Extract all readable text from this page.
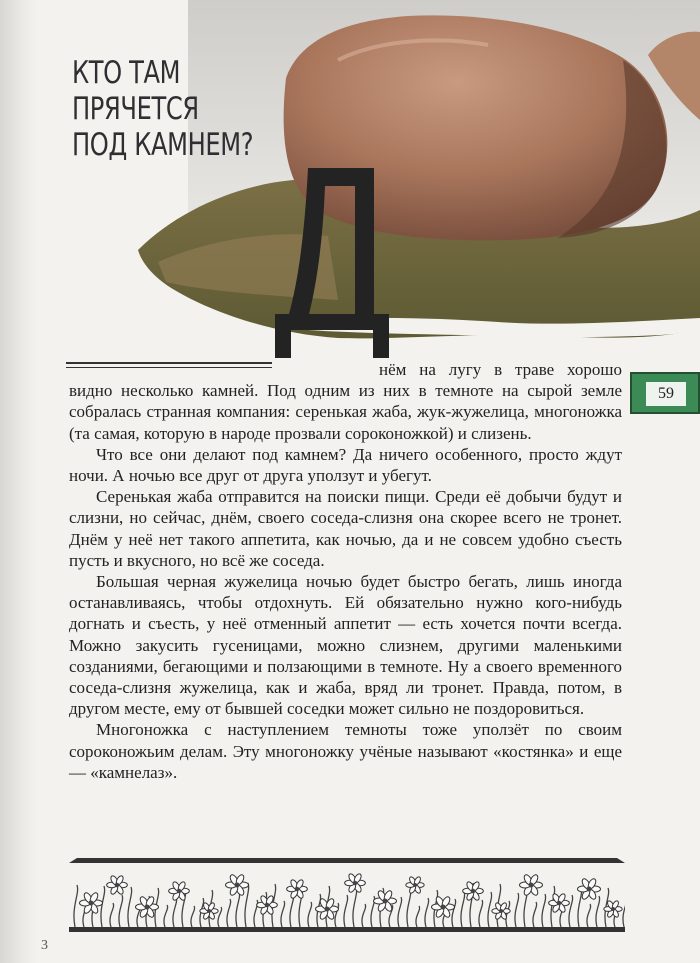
КТО ТАМ
ПРЯЧЕТСЯ
ПОД КАМНЕМ?
59

нём на лугу в траве хорошо видно несколько камней. Под одним из них в темноте на сырой земле собралась странная компания: серенькая жаба, жук-жужелица, многоножка (та самая, которую в народе прозвали сороконожкой) и слизень.

Что все они делают под камнем? Да ничего особенного, просто ждут ночи. А ночью все друг от друга уползут и убегут.

Серенькая жаба отправится на поиски пищи. Среди её добычи будут и слизни, но сейчас, днём, своего соседа-слизня она скорее всего не тронет. Днём у неё нет такого аппетита, как ночью, да и не совсем удобно съесть пусть и вкусного, но всё же соседа.

Большая черная жужелица ночью будет быстро бегать, лишь иногда останавливаясь, чтобы отдохнуть. Ей обязательно нужно кого-нибудь догнать и съесть, у неё отменный аппетит — есть хочется почти всегда. Можно закусить гусеницами, можно слизнем, другими маленькими созданиями, бегающими и ползающими в темноте. Ну а своего временного соседа-слизня жужелица, как и жаба, вряд ли тронет. Правда, потом, в другом месте, ему от бывшей соседки может сильно не поздоровиться.

Многоножка с наступлением темноты тоже уползёт по своим сороконожьим делам. Эту многоножку учёные называют «костянка» и еще — «камнелаз».

3
